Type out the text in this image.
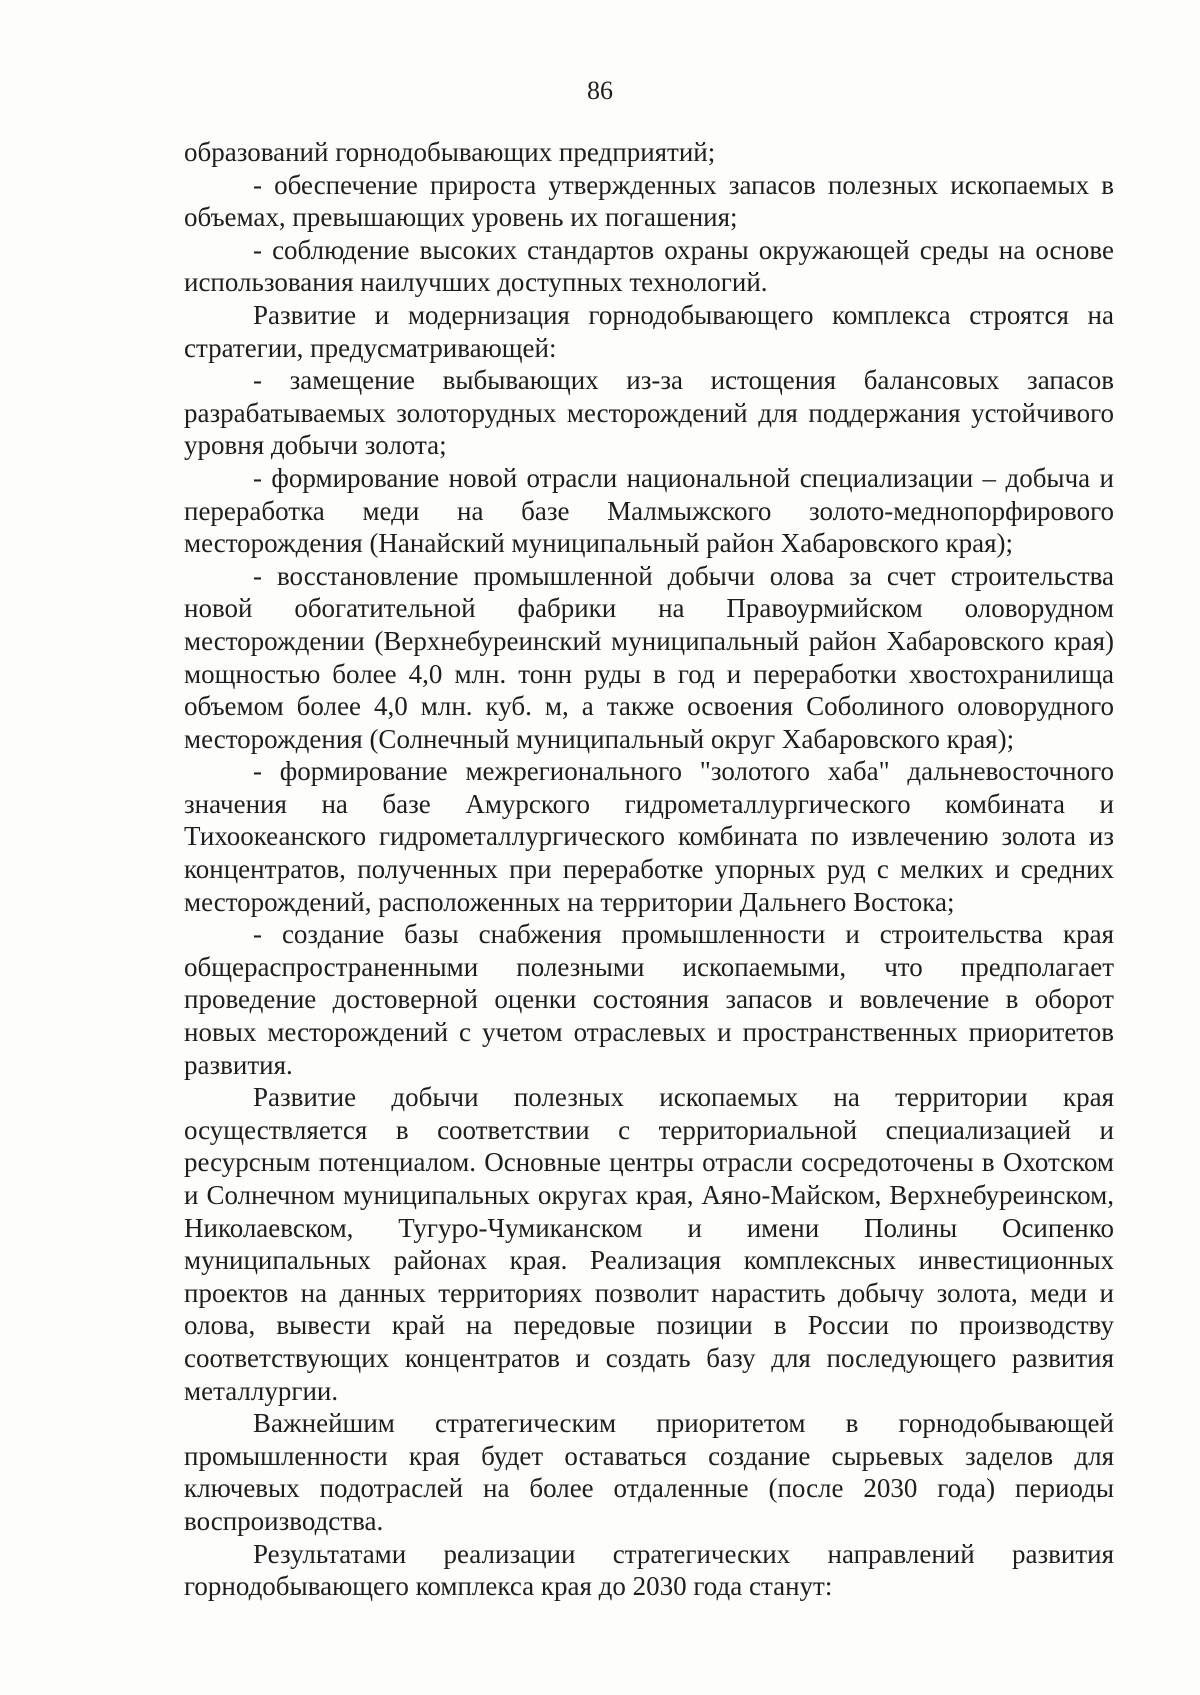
86

образований горнодобывающих предприятий;

- обеспечение прироста утвержденных запасов полезных ископаемых в объемах, превышающих уровень их погашения;

- соблюдение высоких стандартов охраны окружающей среды на основе использования наилучших доступных технологий.

Развитие и модернизация горнодобывающего комплекса строятся на стратегии, предусматривающей:

- замещение выбывающих из-за истощения балансовых запасов разрабатываемых золоторудных месторождений для поддержания устойчивого уровня добычи золота;

- формирование новой отрасли национальной специализации – добыча и переработка меди на базе Малмыжского золото-меднопорфирового месторождения (Нанайский муниципальный район Хабаровского края);

- восстановление промышленной добычи олова за счет строительства новой обогатительной фабрики на Правоурмийском оловорудном месторождении (Верхнебуреинский муниципальный район Хабаровского края) мощностью более 4,0 млн. тонн руды в год и переработки хвостохранилища объемом более 4,0 млн. куб. м, а также освоения Соболиного оловорудного месторождения (Солнечный муниципальный округ Хабаровского края);

- формирование межрегионального "золотого хаба" дальневосточного значения на базе Амурского гидрометаллургического комбината и Тихоокеанского гидрометаллургического комбината по извлечению золота из концентратов, полученных при переработке упорных руд с мелких и средних месторождений, расположенных на территории Дальнего Востока;

- создание базы снабжения промышленности и строительства края общераспространенными полезными ископаемыми, что предполагает проведение достоверной оценки состояния запасов и вовлечение в оборот новых месторождений с учетом отраслевых и пространственных приоритетов развития.

Развитие добычи полезных ископаемых на территории края осуществляется в соответствии с территориальной специализацией и ресурсным потенциалом. Основные центры отрасли сосредоточены в Охотском и Солнечном муниципальных округах края, Аяно-Майском, Верхнебуреинском, Николаевском, Тугуро-Чумиканском и имени Полины Осипенко муниципальных районах края. Реализация комплексных инвестиционных проектов на данных территориях позволит нарастить добычу золота, меди и олова, вывести край на передовые позиции в России по производству соответствующих концентратов и создать базу для последующего развития металлургии.

Важнейшим стратегическим приоритетом в горнодобывающей промышленности края будет оставаться создание сырьевых заделов для ключевых подотраслей на более отдаленные (после 2030 года) периоды воспроизводства.

Результатами реализации стратегических направлений развития горнодобывающего комплекса края до 2030 года станут:
